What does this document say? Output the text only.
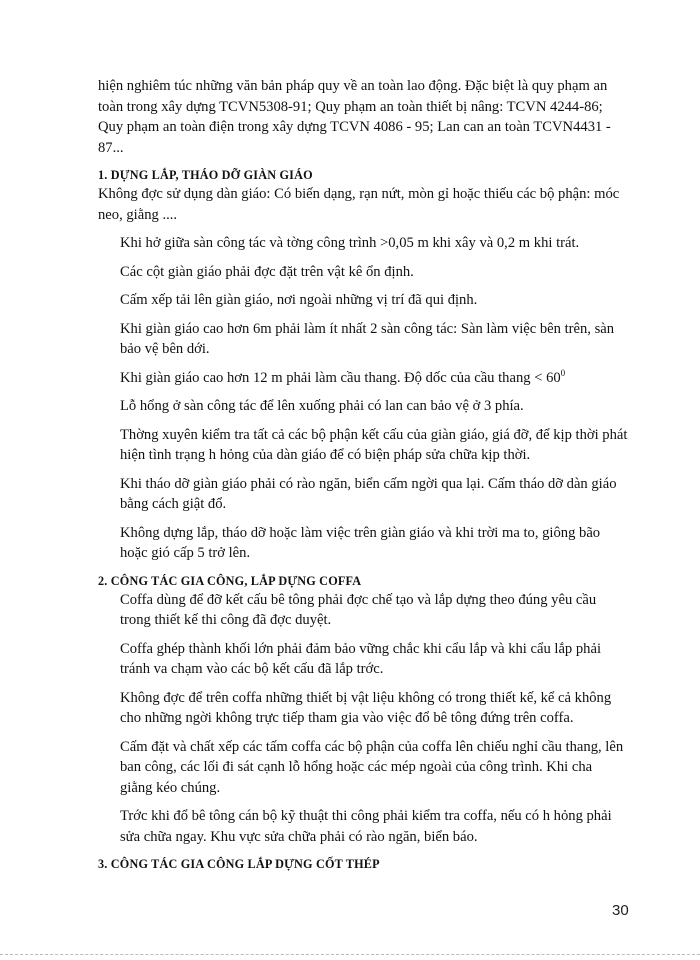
hiện nghiêm túc những văn bản pháp quy về an toàn lao động. Đặc biệt là quy phạm an toàn trong xây dựng TCVN5308-91; Quy phạm an toàn thiết bị nâng: TCVN 4244-86; Quy phạm an toàn điện trong xây dựng TCVN 4086 - 95; Lan can an toàn TCVN4431 - 87...

1. DỰNG LẮP, THÁO DỠ GIÀN GIÁO

Không đợc sử dụng dàn giáo: Có biến dạng, rạn nứt, mòn gỉ hoặc thiếu các bộ phận: móc neo, giằng ....

Khi hở giữa sàn công tác và tờng công trình >0,05 m khi xây và 0,2 m khi trát.

Các cột giàn giáo phải đợc đặt trên vật kê ổn định.

Cấm xếp tải lên giàn giáo, nơi ngoài những vị trí đã qui định.

Khi giàn giáo cao hơn 6m phải làm ít nhất 2 sàn công tác: Sàn làm việc bên trên, sàn bảo vệ bên dới.

Khi giàn giáo cao hơn 12 m phải làm cầu thang. Độ dốc của cầu thang < $60^0$

Lỗ hổng ở sàn công tác để lên xuống phải có lan can bảo vệ ở 3 phía.

Thờng xuyên kiểm tra tất cả các bộ phận kết cấu của giàn giáo, giá đỡ, để kịp thời phát hiện tình trạng h hỏng của dàn giáo để có biện pháp sửa chữa kịp thời.

Khi tháo dỡ giàn giáo phải có rào ngăn, biển cấm ngời qua lại. Cấm tháo dỡ dàn giáo bằng cách giật đổ.

Không dựng lắp, tháo dỡ hoặc làm việc trên giàn giáo và khi trời ma to, giông bão hoặc gió cấp 5 trở lên.

2. CÔNG TÁC GIA CÔNG, LẮP DỰNG COFFA

Coffa dùng để đỡ kết cấu bê tông phải đợc chế tạo và lắp dựng theo đúng yêu cầu trong thiết kế thi công đã đợc duyệt.

Coffa ghép thành khối lớn phải đảm bảo vững chắc khi cẩu lắp và khi cẩu lắp phải tránh va chạm vào các bộ kết cấu đã lắp trớc.

Không đợc để trên coffa những thiết bị vật liệu không có trong thiết kế, kể cả không cho những ngời không trực tiếp tham gia vào việc đổ bê tông đứng trên coffa.

Cấm đặt và chất xếp các tấm coffa các bộ phận của coffa lên chiếu nghỉ cầu thang, lên ban công, các lối đi sát cạnh lỗ hổng hoặc các mép ngoài của công trình. Khi cha giằng kéo chúng.

Trớc khi đổ bê tông cán bộ kỹ thuật thi công phải kiểm tra coffa, nếu có h hỏng phải sửa chữa ngay. Khu vực sửa chữa phải có rào ngăn, biển báo.

3. CÔNG TÁC GIA CÔNG LẮP DỰNG CỐT THÉP
30
